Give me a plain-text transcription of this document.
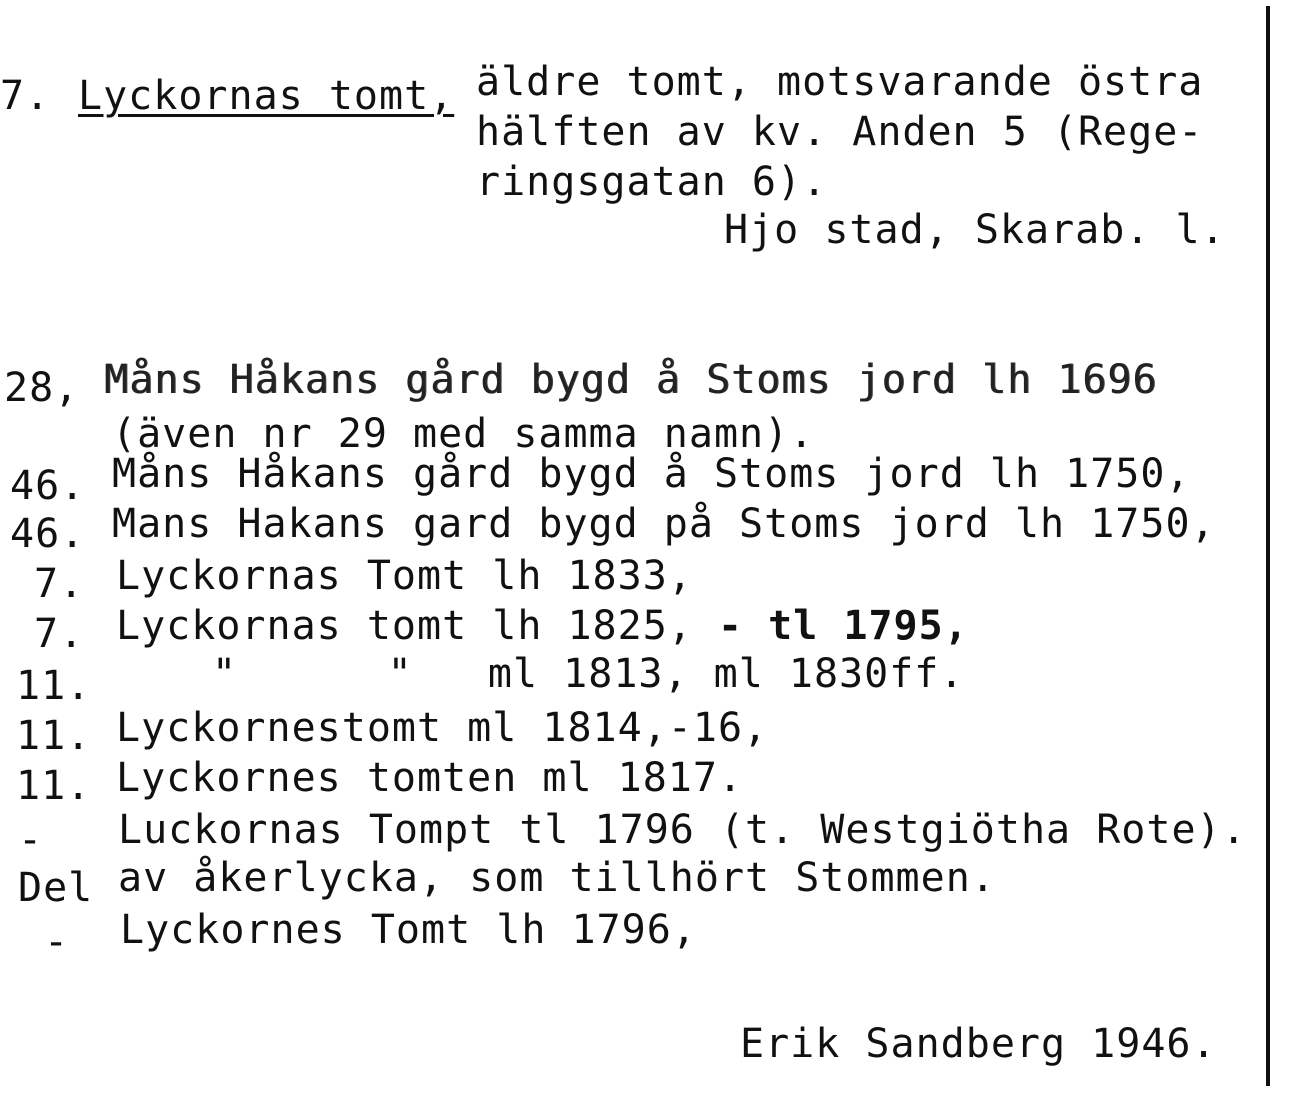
7. Lyckornas tomt, äldre tomt, motsvarande östra
hälften av kv. Anden 5 (Rege-
ringsgatan 6).
Hjo stad, Skarab. l.
28, Måns Håkans gård bygd å Stoms jord lh 1696
(även nr 29 med samma namn).
46. Måns Håkans gård bygd å Stoms jord lh 1750,
46. Mans Hakans gard bygd på Stoms jord lh 1750,
7. Lyckornas Tomt lh 1833,
7. Lyckornas tomt lh 1825, - tl 1795,
11.	"      "   ml 1813, ml 1830ff.
11. Lyckornestomt ml 1814,-16,
11. Lyckornes tomten ml 1817.
- Luckornas Tompt tl 1796 (t. Westgiötha Rote).
Del av åkerlycka, som tillhört Stommen.
- Lyckornes Tomt lh 1796,
Erik Sandberg 1946.
